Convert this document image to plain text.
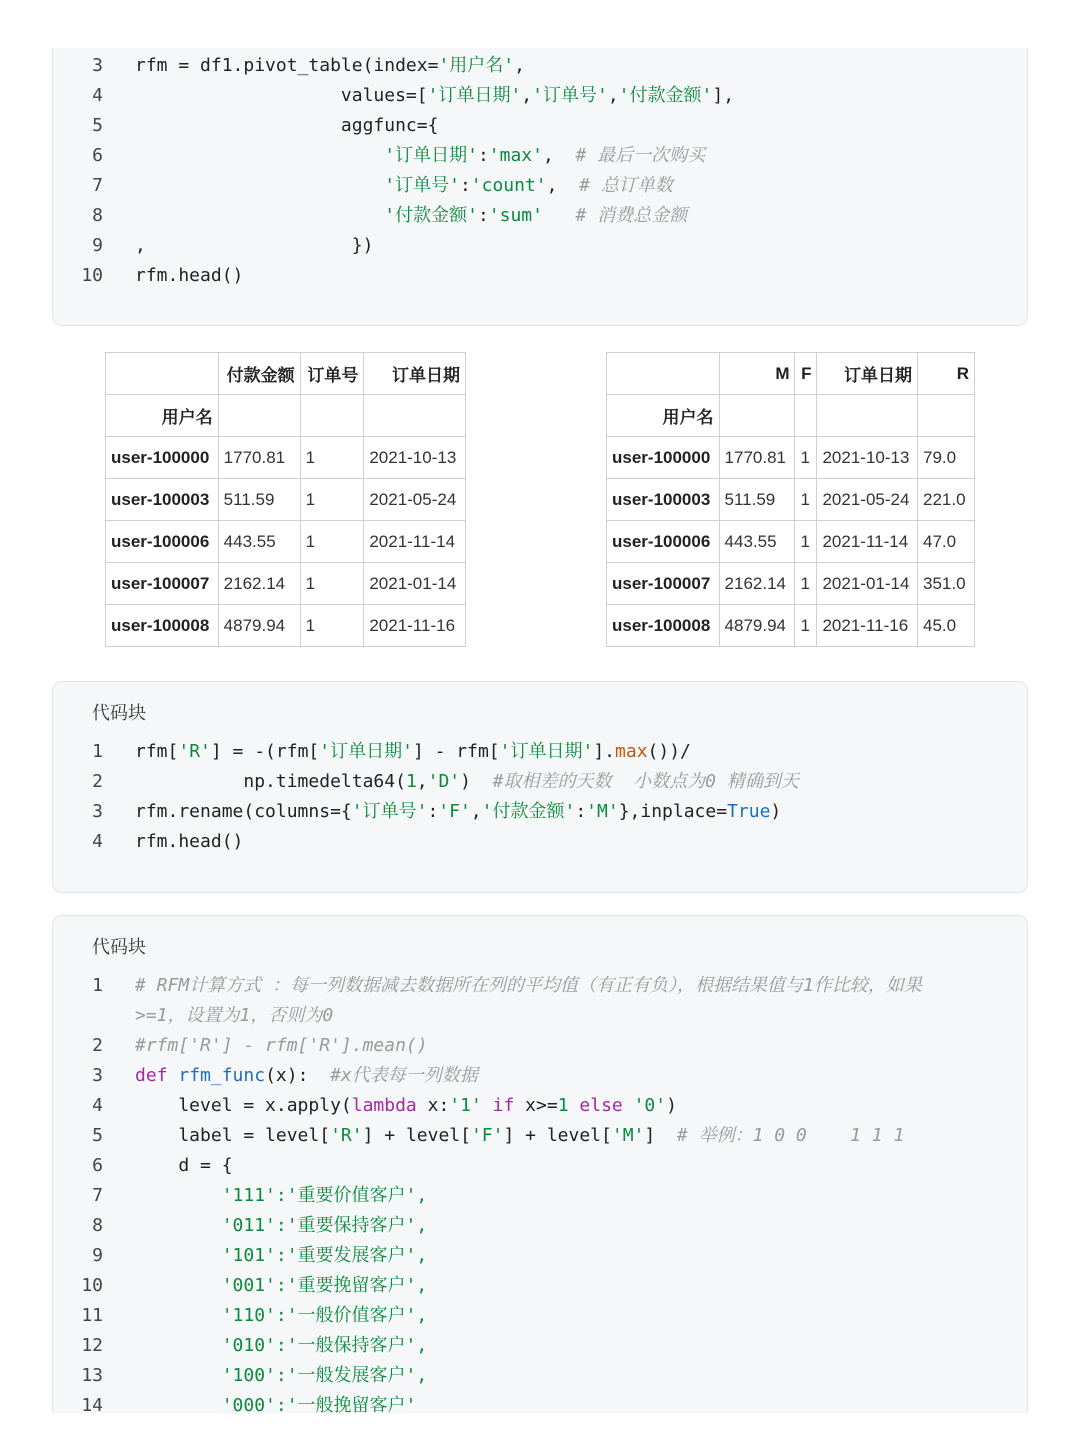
3 rfm = df1.pivot_table(index='用户名',
4 values=['订单日期','订单号','付款金额'],
5 aggfunc={
6	'订单日期':'max',  # 最后一次购买
7	'订单号':'count',  # 总订单数
8	'付款金额':'sum' # 消费总金额
9 ,                   })
10 rfm.head()
	付款金额	订单号	订单日期
用户名			
user-100000	1770.81	1	2021-10-13
user-100003	511.59	1	2021-05-24
user-100006	443.55	1	2021-11-14
user-100007	2162.14	1	2021-01-14
user-100008	4879.94	1	2021-11-16
	M	F	订单日期	R
用户名				
user-100000	1770.81	1	2021-10-13	79.0
user-100003	511.59	1	2021-05-24	221.0
user-100006	443.55	1	2021-11-14	47.0
user-100007	2162.14	1	2021-01-14	351.0
user-100008	4879.94	1	2021-11-16	45.0
代码块
1 rfm['R'] = -(rfm['订单日期'] - rfm['订单日期'].max())/
2 np.timedelta64(1,'D')  #取相差的天数  小数点为0 精确到天
3 rfm.rename(columns={'订单号':'F','付款金额':'M'},inplace=True)
4 rfm.head()
代码块
1 # RFM计算方式 ：每一列数据减去数据所在列的平均值（有正有负），根据结果值与1作比较，如果
>=1，设置为1，否则为0
2 #rfm['R'] - rfm['R'].mean()
3 def rfm_func(x):  #x代表每一列数据
4 level = x.apply(lambda x:'1' if x>=1 else '0')
5 label = level['R'] + level['F'] + level['M']  # 举例：1 0 0    1 1 1
6 d = {
7 '111':'重要价值客户',
8 '011':'重要保持客户',
9 '101':'重要发展客户',
10 '001':'重要挽留客户',
11 '110':'一般价值客户',
12 '010':'一般保持客户',
13 '100':'一般发展客户',
14 '000':'一般挽留客户'
